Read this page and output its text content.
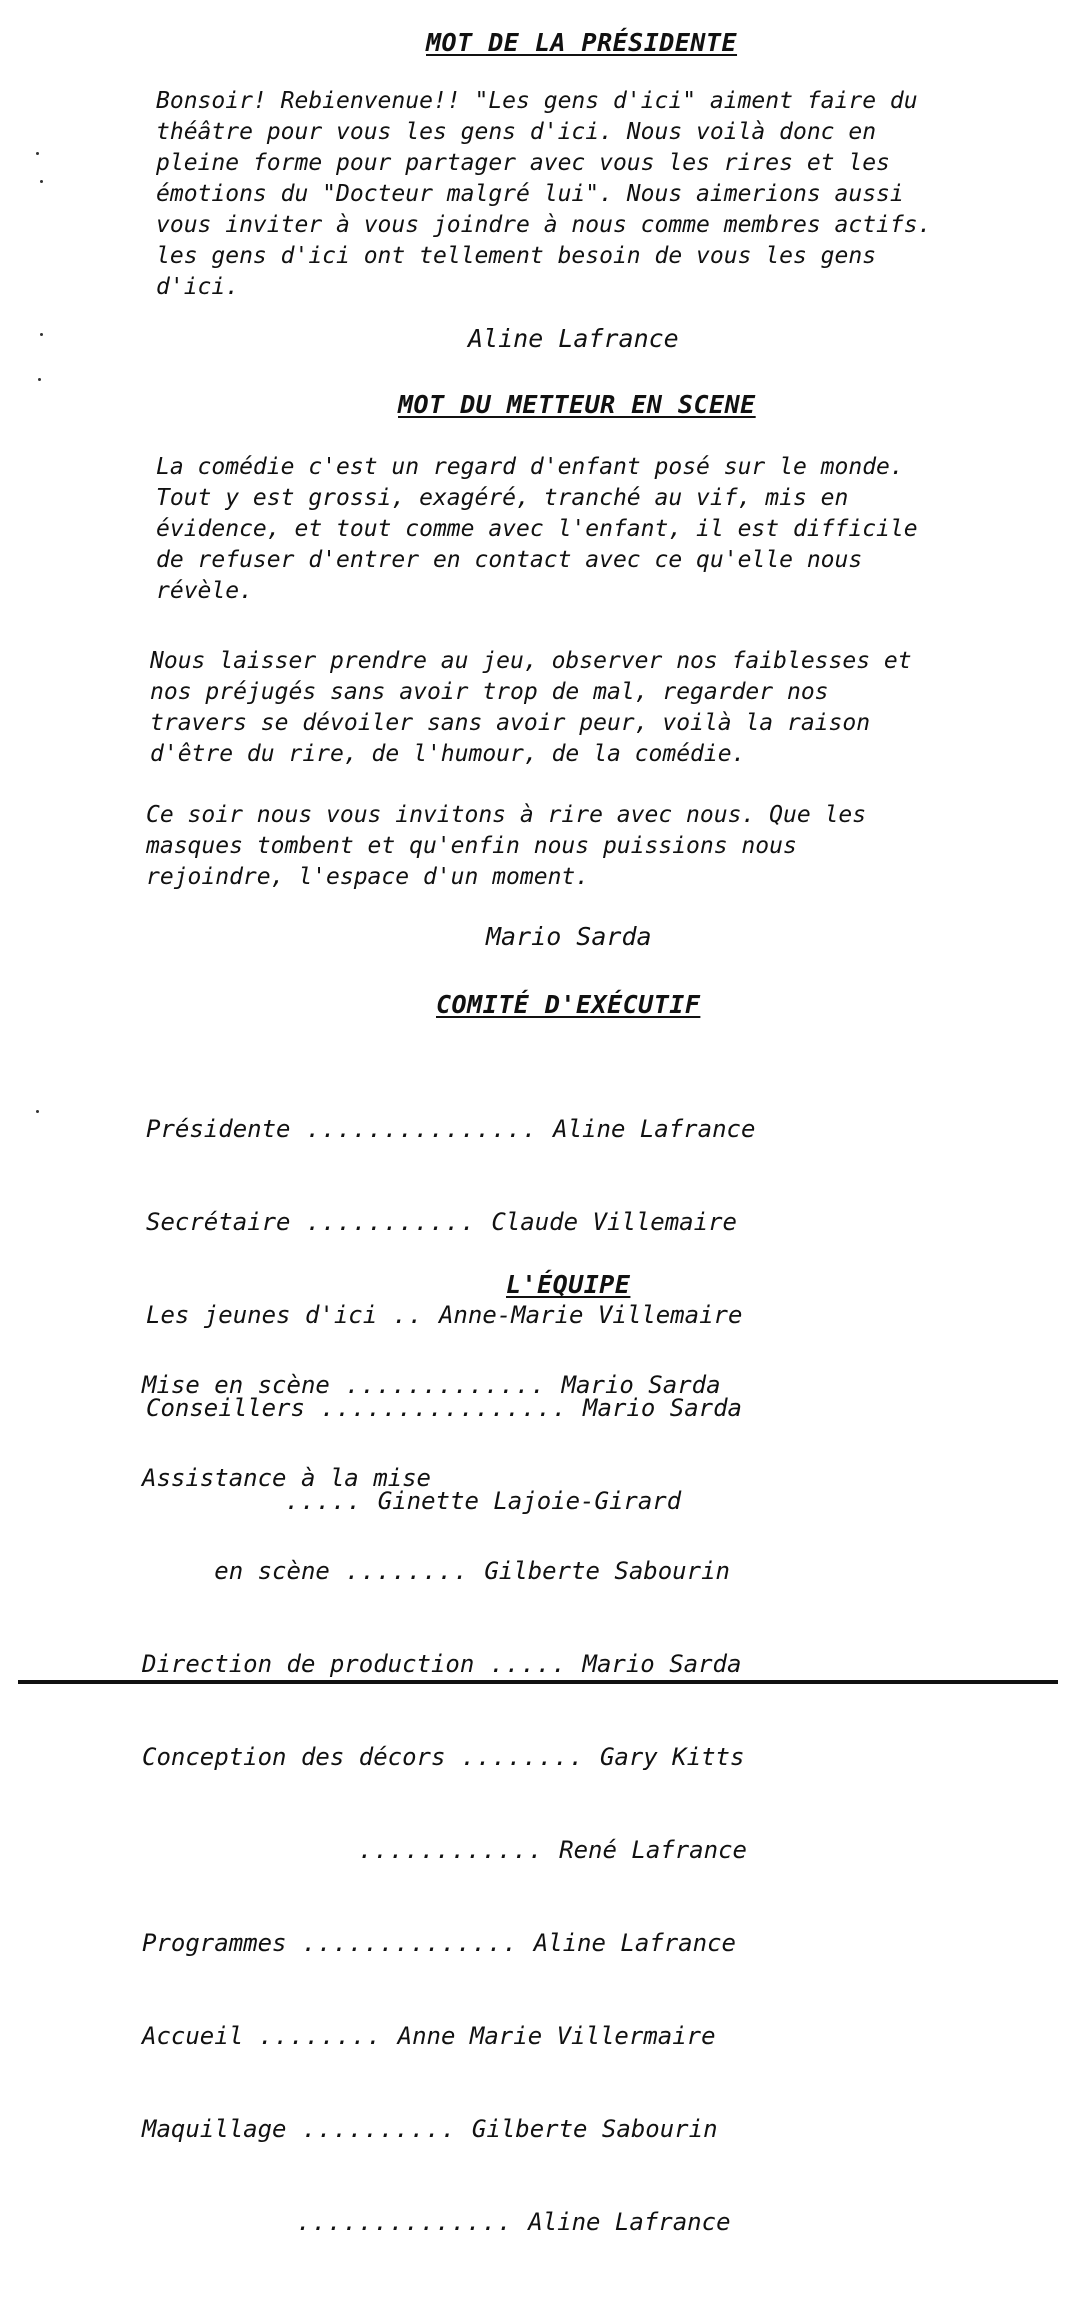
MOT DE LA PRÉSIDENTE
Bonsoir! Rebienvenue!! "Les gens d'ici" aiment faire du
théâtre pour vous les gens d'ici. Nous voilà donc en
pleine forme pour partager avec vous les rires et les
émotions du "Docteur malgré lui". Nous aimerions aussi
vous inviter à vous joindre à nous comme membres actifs.
les gens d'ici ont tellement besoin de vous les gens
d'ici.
Aline Lafrance
MOT DU METTEUR EN SCENE
La comédie c'est un regard d'enfant posé sur le monde.
Tout y est grossi, exagéré, tranché au vif, mis en
évidence, et tout comme avec l'enfant, il est difficile
de refuser d'entrer en contact avec ce qu'elle nous
révèle.
Nous laisser prendre au jeu, observer nos faiblesses et
nos préjugés sans avoir trop de mal, regarder nos
travers se dévoiler sans avoir peur, voilà la raison
d'être du rire, de l'humour, de la comédie.
Ce soir nous vous invitons à rire avec nous. Que les
masques tombent et qu'enfin nous puissions nous
rejoindre, l'espace d'un moment.
Mario Sarda
COMITÉ D'EXÉCUTIF

Présidente ............... Aline Lafrance

Secrétaire ........... Claude Villemaire

Les jeunes d'ici .. Anne-Marie Villemaire

Conseillers ................ Mario Sarda

..... Ginette Lajoie-Girard

L'ÉQUIPE

Mise en scène ............. Mario Sarda

Assistance à la mise

en scène ........ Gilberte Sabourin

Direction de production ..... Mario Sarda

Conception des décors ........ Gary Kitts

............ René Lafrance

Programmes .............. Aline Lafrance

Accueil ........ Anne Marie Villermaire

Maquillage .......... Gilberte Sabourin

.............. Aline Lafrance
